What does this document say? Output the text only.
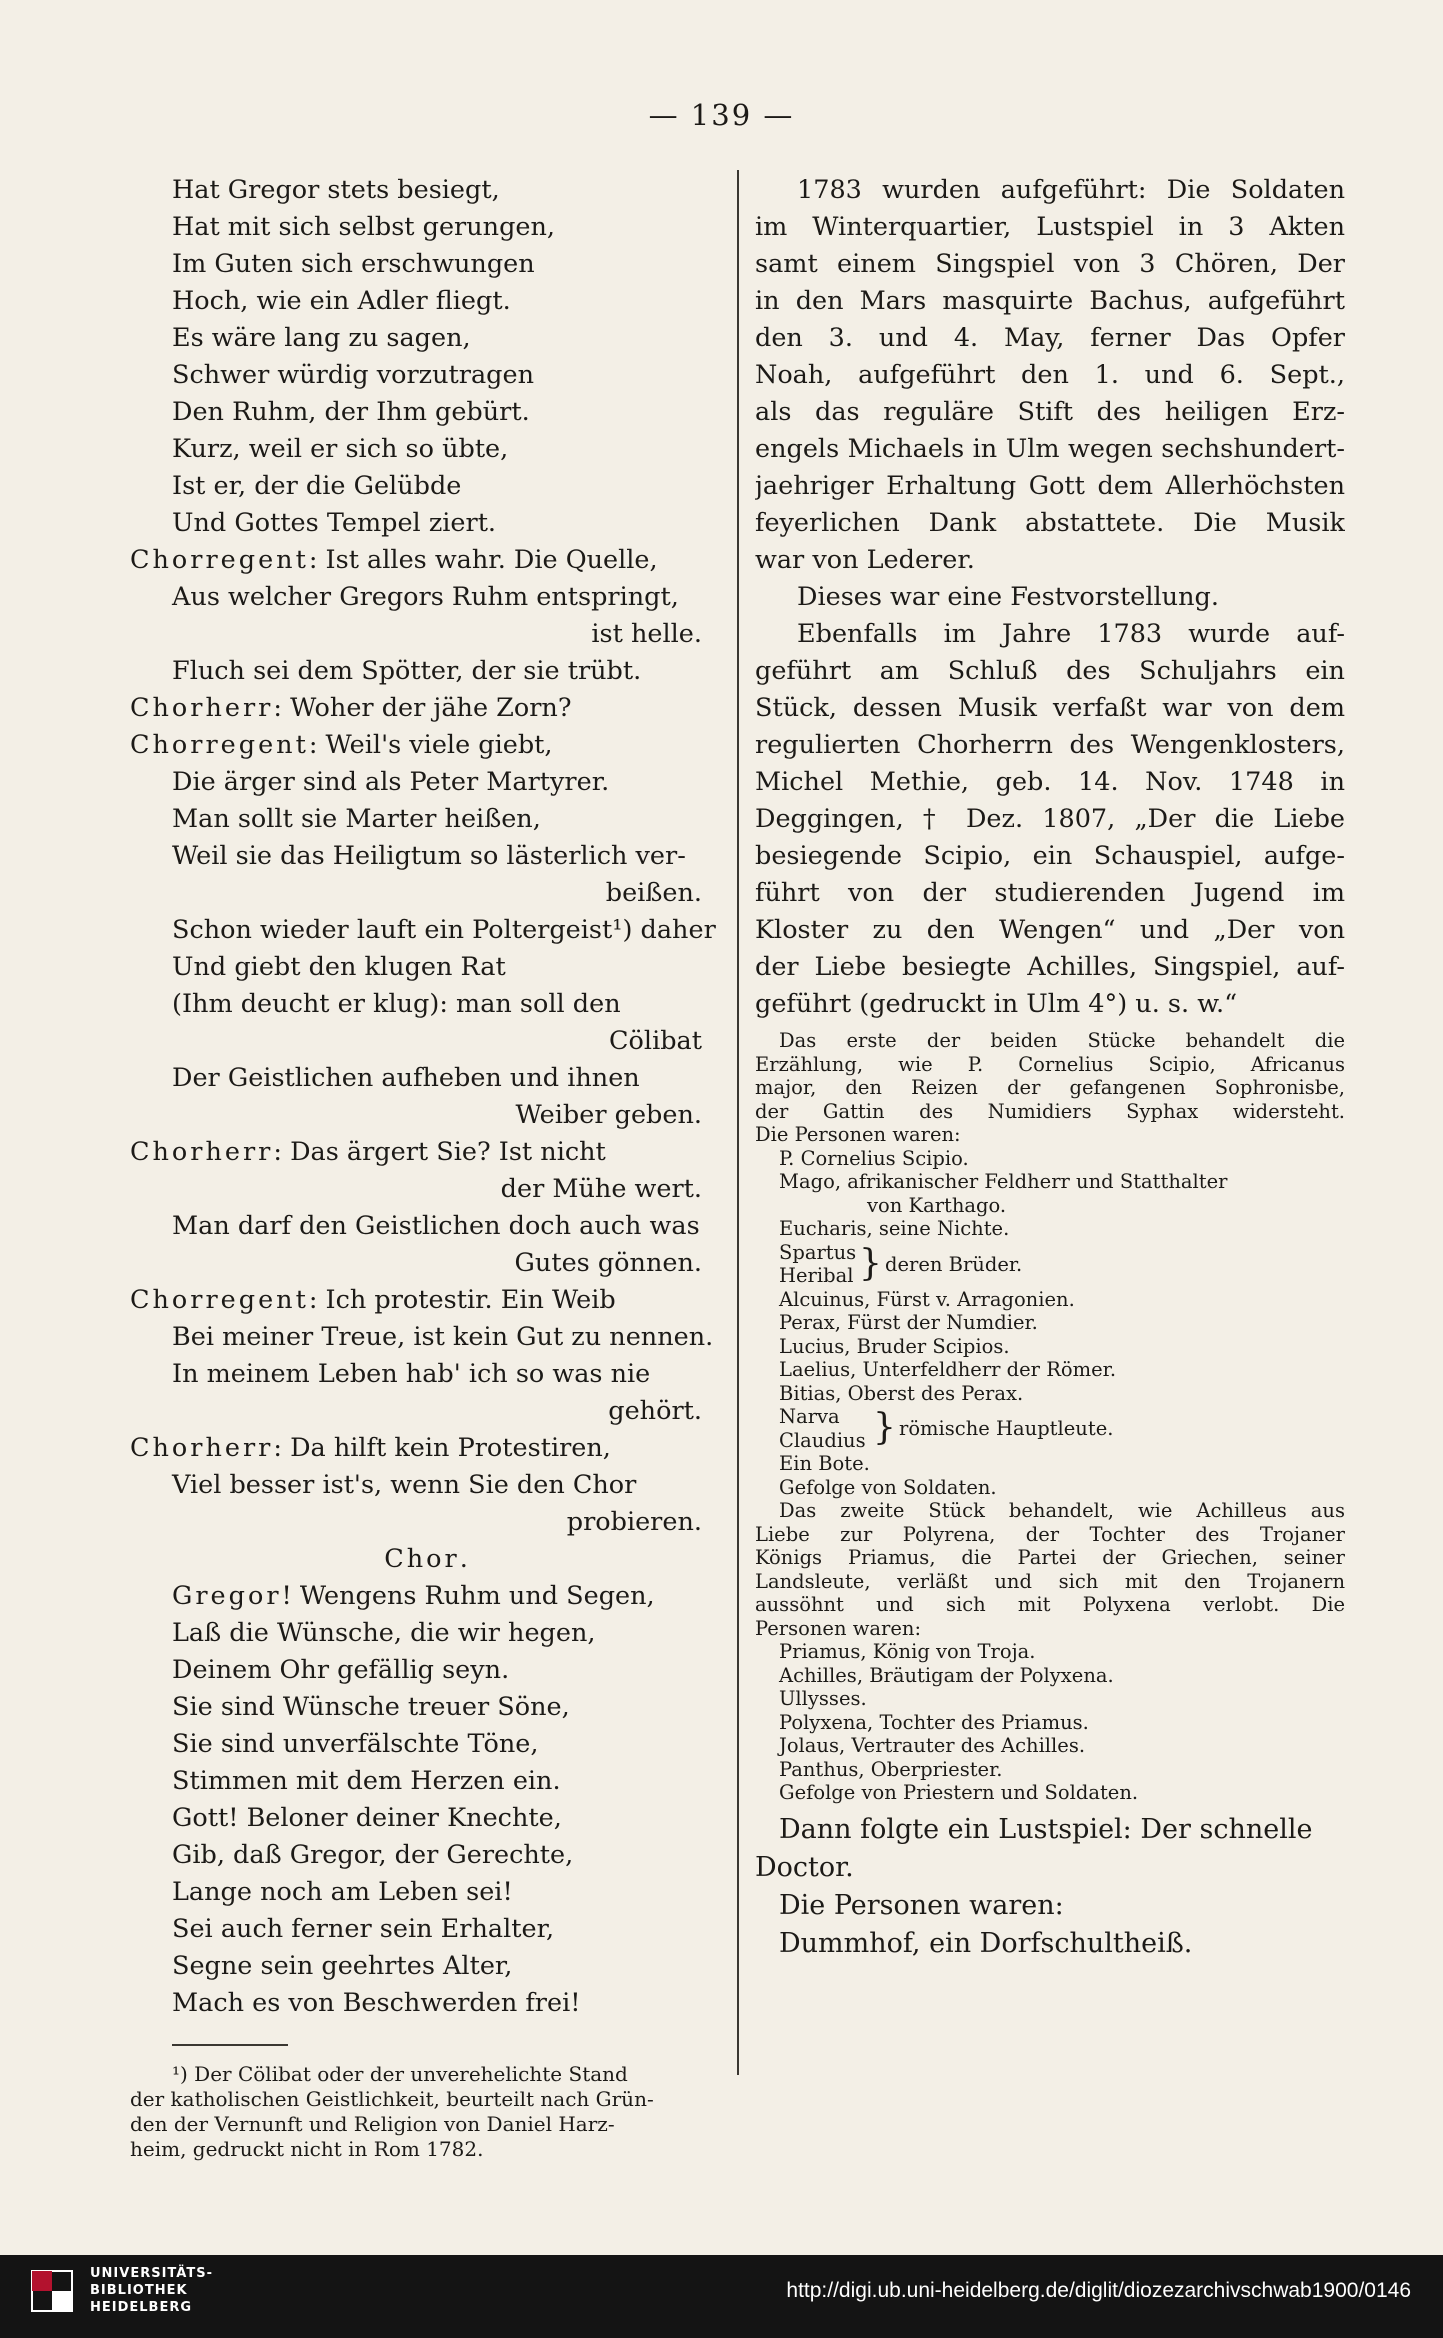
— 139 —
Hat Gregor stets besiegt,
Hat mit sich selbst gerungen,
Im Guten sich erschwungen
Hoch, wie ein Adler fliegt.
Es wäre lang zu sagen,
Schwer würdig vorzutragen
Den Ruhm, der Ihm gebürt.
Kurz, weil er sich so übte,
Ist er, der die Gelübde
Und Gottes Tempel ziert.
Chorregent: Ist alles wahr. Die Quelle,
Aus welcher Gregors Ruhm entspringt,
ist helle.
Fluch sei dem Spötter, der sie trübt.
Chorherr: Woher der jähe Zorn?
Chorregent: Weil's viele giebt,
Die ärger sind als Peter Martyrer.
Man sollt sie Marter heißen,
Weil sie das Heiligtum so lästerlich ver-
beißen.
Schon wieder lauft ein Poltergeist¹) daher
Und giebt den klugen Rat
(Ihm deucht er klug): man soll den
Cölibat
Der Geistlichen aufheben und ihnen
Weiber geben.
Chorherr: Das ärgert Sie? Ist nicht
der Mühe wert.
Man darf den Geistlichen doch auch was
Gutes gönnen.
Chorregent: Ich protestir. Ein Weib
Bei meiner Treue, ist kein Gut zu nennen.
In meinem Leben hab' ich so was nie
gehört.
Chorherr: Da hilft kein Protestiren,
Viel besser ist's, wenn Sie den Chor
probieren.
Chor.
Gregor! Wengens Ruhm und Segen,
Laß die Wünsche, die wir hegen,
Deinem Ohr gefällig seyn.
Sie sind Wünsche treuer Söne,
Sie sind unverfälschte Töne,
Stimmen mit dem Herzen ein.
Gott! Beloner deiner Knechte,
Gib, daß Gregor, der Gerechte,
Lange noch am Leben sei!
Sei auch ferner sein Erhalter,
Segne sein geehrtes Alter,
Mach es von Beschwerden frei!
¹) Der Cölibat oder der unverehelichte Stand
der katholischen Geistlichkeit, beurteilt nach Grün-
den der Vernunft und Religion von Daniel Harz-
heim, gedruckt nicht in Rom 1782.
1783 wurden aufgeführt: Die Soldaten
im Winterquartier, Lustspiel in 3 Akten
samt einem Singspiel von 3 Chören, Der
in den Mars masquirte Bachus, aufgeführt
den 3. und 4. May, ferner Das Opfer
Noah, aufgeführt den 1. und 6. Sept.,
als das reguläre Stift des heiligen Erz-
engels Michaels in Ulm wegen sechshundert-
jaehriger Erhaltung Gott dem Allerhöchsten
feyerlichen Dank abstattete. Die Musik
war von Lederer.
Dieses war eine Festvorstellung.
Ebenfalls im Jahre 1783 wurde auf-
geführt am Schluß des Schuljahrs ein
Stück, dessen Musik verfaßt war von dem
regulierten Chorherrn des Wengenklosters,
Michel Methie, geb. 14. Nov. 1748 in
Deggingen, † Dez. 1807, „Der die Liebe
besiegende Scipio, ein Schauspiel, aufge-
führt von der studierenden Jugend im
Kloster zu den Wengen“ und „Der von
der Liebe besiegte Achilles, Singspiel, auf-
geführt (gedruckt in Ulm 4°) u. s. w.“
Das erste der beiden Stücke behandelt die
Erzählung, wie P. Cornelius Scipio, Africanus
major, den Reizen der gefangenen Sophronisbe,
der Gattin des Numidiers Syphax widersteht.
Die Personen waren:
P. Cornelius Scipio.
Mago, afrikanischer Feldherr und Statthalter
von Karthago.
Eucharis, seine Nichte.
Spartus
Heribal } deren Brüder.
Alcuinus, Fürst v. Arragonien.
Perax, Fürst der Numdier.
Lucius, Bruder Scipios.
Laelius, Unterfeldherr der Römer.
Bitias, Oberst des Perax.
Narva
Claudius } römische Hauptleute.
Ein Bote.
Gefolge von Soldaten.
Das zweite Stück behandelt, wie Achilleus aus
Liebe zur Polyrena, der Tochter des Trojaner
Königs Priamus, die Partei der Griechen, seiner
Landsleute, verläßt und sich mit den Trojanern
aussöhnt und sich mit Polyxena verlobt. Die
Personen waren:
Priamus, König von Troja.
Achilles, Bräutigam der Polyxena.
Ullysses.
Polyxena, Tochter des Priamus.
Jolaus, Vertrauter des Achilles.
Panthus, Oberpriester.
Gefolge von Priestern und Soldaten.
Dann folgte ein Lustspiel: Der schnelle
Doctor.
Die Personen waren:
Dummhof, ein Dorfschultheiß.
UNIVERSITÄTS-
BIBLIOTHEK
HEIDELBERG
http://digi.ub.uni-heidelberg.de/diglit/diozezarchivschwab1900/0146
